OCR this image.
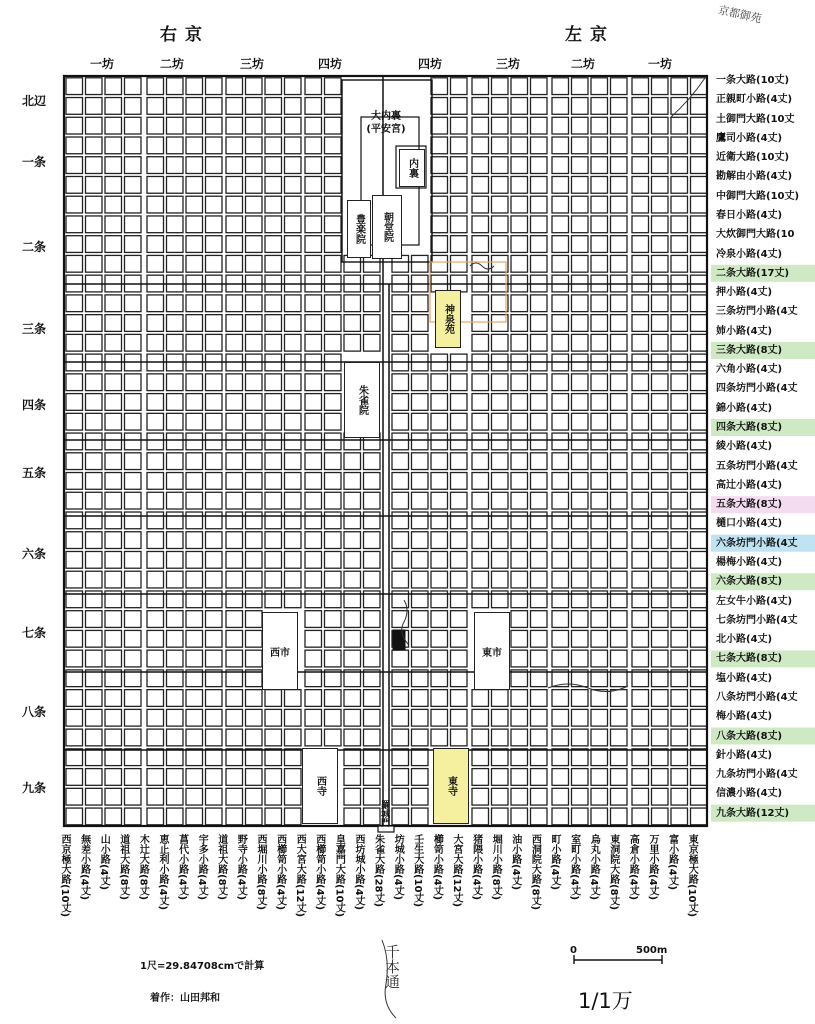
右京	左京
京都御苑
一坊	二坊	三坊	四坊	四坊	三坊	二坊	一坊
北辺
一条
二条
三条
四条
五条
六条
七条
八条
九条
一条大路(10丈)
正親町小路(4丈)
土御門大路(10丈
鷹司小路(4丈)
近衛大路(10丈)
勘解由小路(4丈)
中御門大路(10丈)
春日小路(4丈)
大炊御門大路(10
冷泉小路(4丈)
二条大路(17丈)
押小路(4丈)
三条坊門小路(4丈
姉小路(4丈)
三条大路(8丈)
六角小路(4丈)
四条坊門小路(4丈
錦小路(4丈)
四条大路(8丈)
綾小路(4丈)
五条坊門小路(4丈
高辻小路(4丈)
五条大路(8丈)
樋口小路(4丈)
六条坊門小路(4丈
楊梅小路(4丈)
六条大路(8丈)
左女牛小路(4丈)
七条坊門小路(4丈
北小路(4丈)
七条大路(8丈)
塩小路(4丈)
八条坊門小路(4丈
梅小路(4丈)
八条大路(8丈)
針小路(4丈)
九条坊門小路(4丈
信濃小路(4丈)
九条大路(12丈)
西京極大路(10丈)
無差小路(4丈)
山小路(4丈)
道祖大路(8丈)
木辻大路(8丈)
恵止利小路(4丈)
菖代小路(4丈)
宇多小路(4丈)
道祖大路(8丈)
野寺小路(4丈)
西堀川小路(8丈)
西櫛笥小路(4丈)
西大宮大路(12丈)
西櫛笥小路(4丈)
皇嘉門大路(10丈)
西坊城小路(4丈)
朱雀大路(28丈)
坊城小路(4丈)
壬生大路(10丈)
櫛笥小路(4丈)
大宮大路(12丈)
猪隈小路(4丈)
堀川小路(8丈)
油小路(4丈) 西洞院大路(8丈)
町小路(4丈)
室町小路(4丈)
烏丸小路(4丈)
東洞院大路(8丈)
高倉小路(4丈)
万里小路(4丈)
富小路(4丈) 東京極大路(10丈)
大内裏
(平安宮)
内裏
豊楽院	朝堂院
神泉苑
朱雀院
西市	東市
西寺	東寺
羅城門
1尺=29.84708cmで計算
着作：山田邦和
0	500m
1/1万
千本通
